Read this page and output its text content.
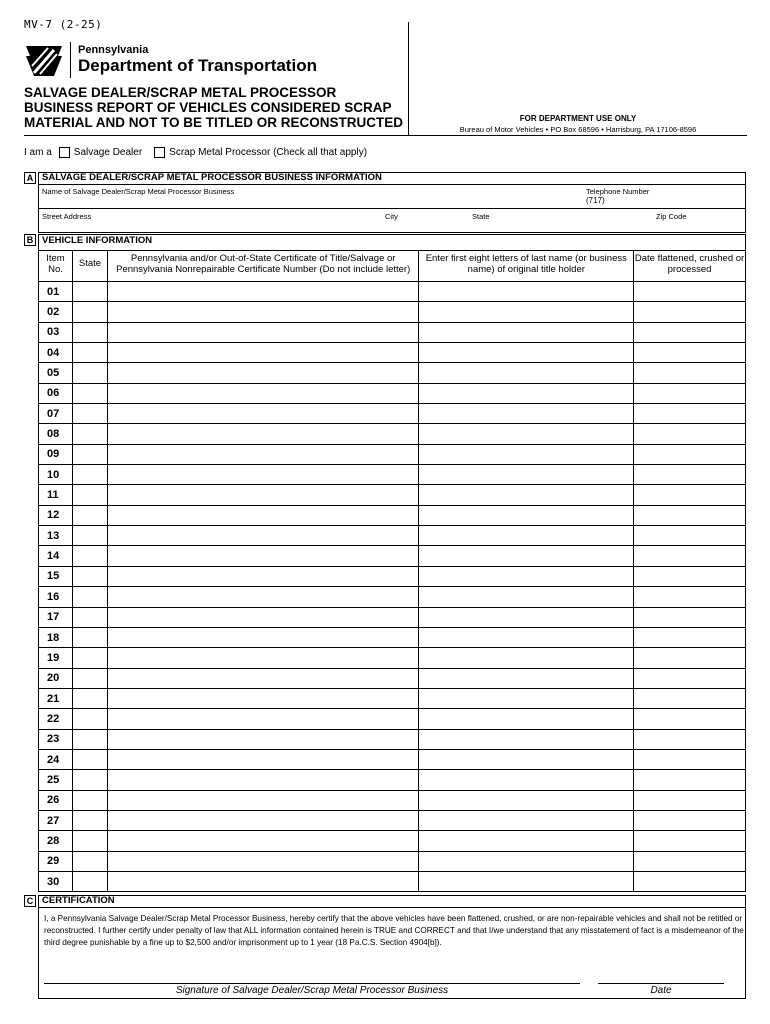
MV-7 (2-25)
Pennsylvania
Department of Transportation
SALVAGE DEALER/SCRAP METAL PROCESSOR
BUSINESS REPORT OF VEHICLES CONSIDERED SCRAP
MATERIAL AND NOT TO BE TITLED OR RECONSTRUCTED	FOR DEPARTMENT USE ONLY
Bureau of Motor Vehicles • PO Box 68596 • Harrisburg, PA 17106-8596
I am a Salvage Dealer	Scrap Metal Processor (Check all that apply)
A SALVAGE DEALER/SCRAP METAL PROCESSOR BUSINESS INFORMATION
Name of Salvage Dealer/Scrap Metal Processor Business	Telephone Number
(717)
Street Address	City	State	Zip Code
B VEHICLE INFORMATION
Item No.	State	Pennsylvania and/or Out-of-State Certificate of Title/Salvage or Pennsylvania Nonrepairable Certificate Number (Do not include letter)	Enter first eight letters of last name (or business name) of original title holder	Date flattened, crushed or processed
01				
02				
03				
04				
05				
06				
07				
08				
09				
10				
11				
12				
13				
14				
15				
16				
17				
18				
19				
20				
21				
22				
23				
24				
25				
26				
27				
28				
29				
30				
C CERTIFICATION
I, a Pennsylvania Salvage Dealer/Scrap Metal Processor Business, hereby certify that the above vehicles have been flattened, crushed, or are non-repairable vehicles and shall not be retitled or reconstructed. I further certify under penalty of law that ALL information contained herein is TRUE and CORRECT and that I/we understand that any misstatement of fact is a misdemeanor of the third degree punishable by a fine up to $2,500 and/or imprisonment up to 1 year (18 Pa.C.S. Section 4904[b]).
Signature of Salvage Dealer/Scrap Metal Processor Business	Date
